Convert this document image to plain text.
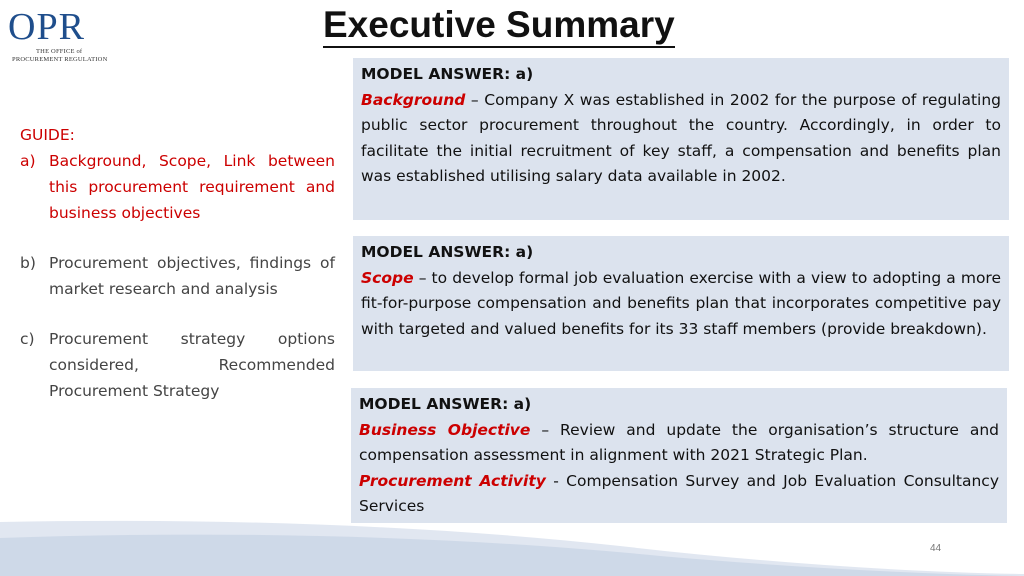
OPR
THE OFFICE of
PROCUREMENT REGULATION
Executive Summary
GUIDE:
a) Background, Scope, Link between this procurement requirement and business objectives
b) Procurement objectives, findings of market research and analysis
c) Procurement strategy options considered, Recommended Procurement Strategy
MODEL ANSWER: a)
Background – Company X was established in 2002 for the purpose of regulating public sector procurement throughout the country. Accordingly, in order to facilitate the initial recruitment of key staff, a compensation and benefits plan was established utilising salary data available in 2002.
MODEL ANSWER: a)
Scope – to develop formal job evaluation exercise with a view to adopting a more fit-for-purpose compensation and benefits plan that incorporates competitive pay with targeted and valued benefits for its 33 staff members (provide breakdown).
MODEL ANSWER: a)

Business Objective – Review and update the organisation’s structure and compensation assessment in alignment with 2021 Strategic Plan.

Procurement Activity - Compensation Survey and Job Evaluation Consultancy Services

44
